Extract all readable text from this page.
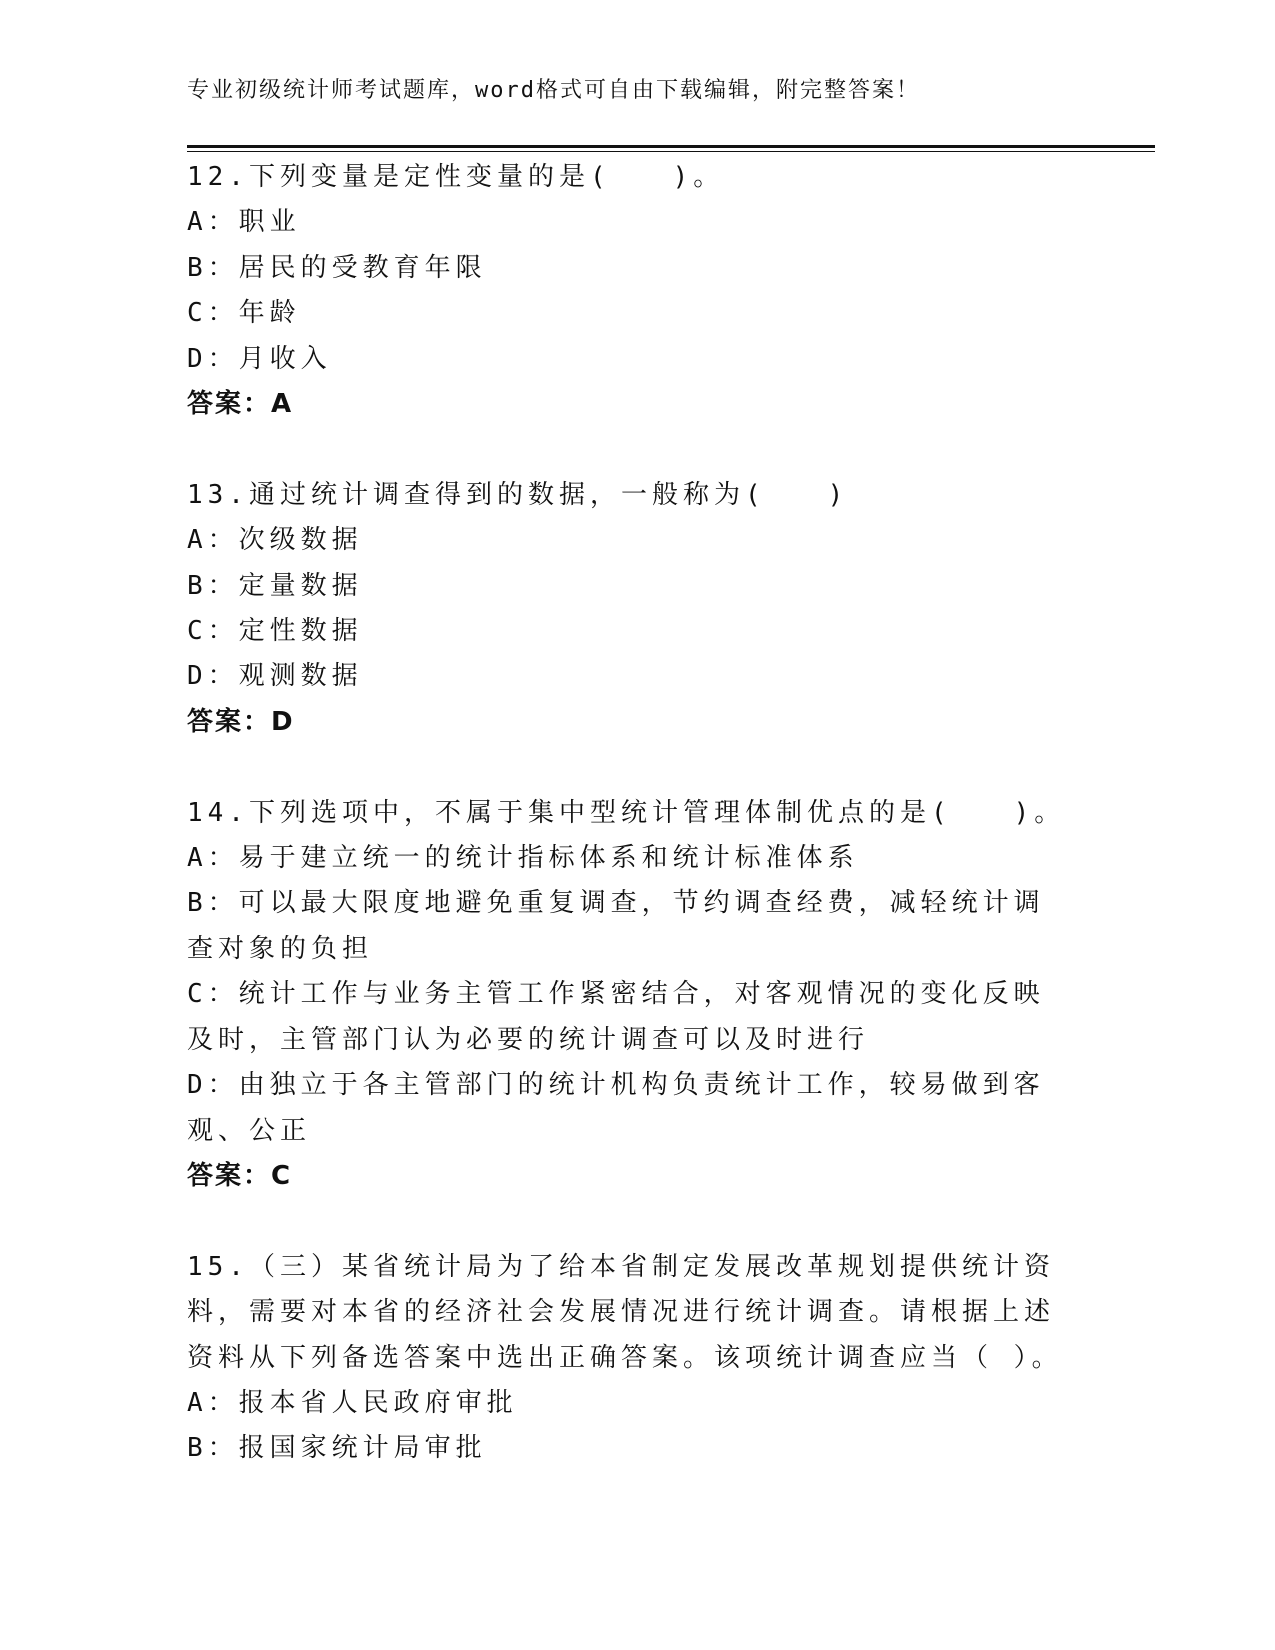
专业初级统计师考试题库，word格式可自由下载编辑，附完整答案！
12.下列变量是定性变量的是(　　)。
A：职业
B：居民的受教育年限
C：年龄
D：月收入
答案：A
13.通过统计调查得到的数据，一般称为(　　)
A：次级数据
B：定量数据
C：定性数据
D：观测数据
答案：D
14.下列选项中，不属于集中型统计管理体制优点的是(　　)。
A：易于建立统一的统计指标体系和统计标准体系
B：可以最大限度地避免重复调查，节约调查经费，减轻统计调查对象的负担
C：统计工作与业务主管工作紧密结合，对客观情况的变化反映及时，主管部门认为必要的统计调查可以及时进行
D：由独立于各主管部门的统计机构负责统计工作，较易做到客观、公正
答案：C
15.（三）某省统计局为了给本省制定发展改革规划提供统计资料，需要对本省的经济社会发展情况进行统计调查。请根据上述资料从下列备选答案中选出正确答案。该项统计调查应当（ ）。
A：报本省人民政府审批
B：报国家统计局审批
